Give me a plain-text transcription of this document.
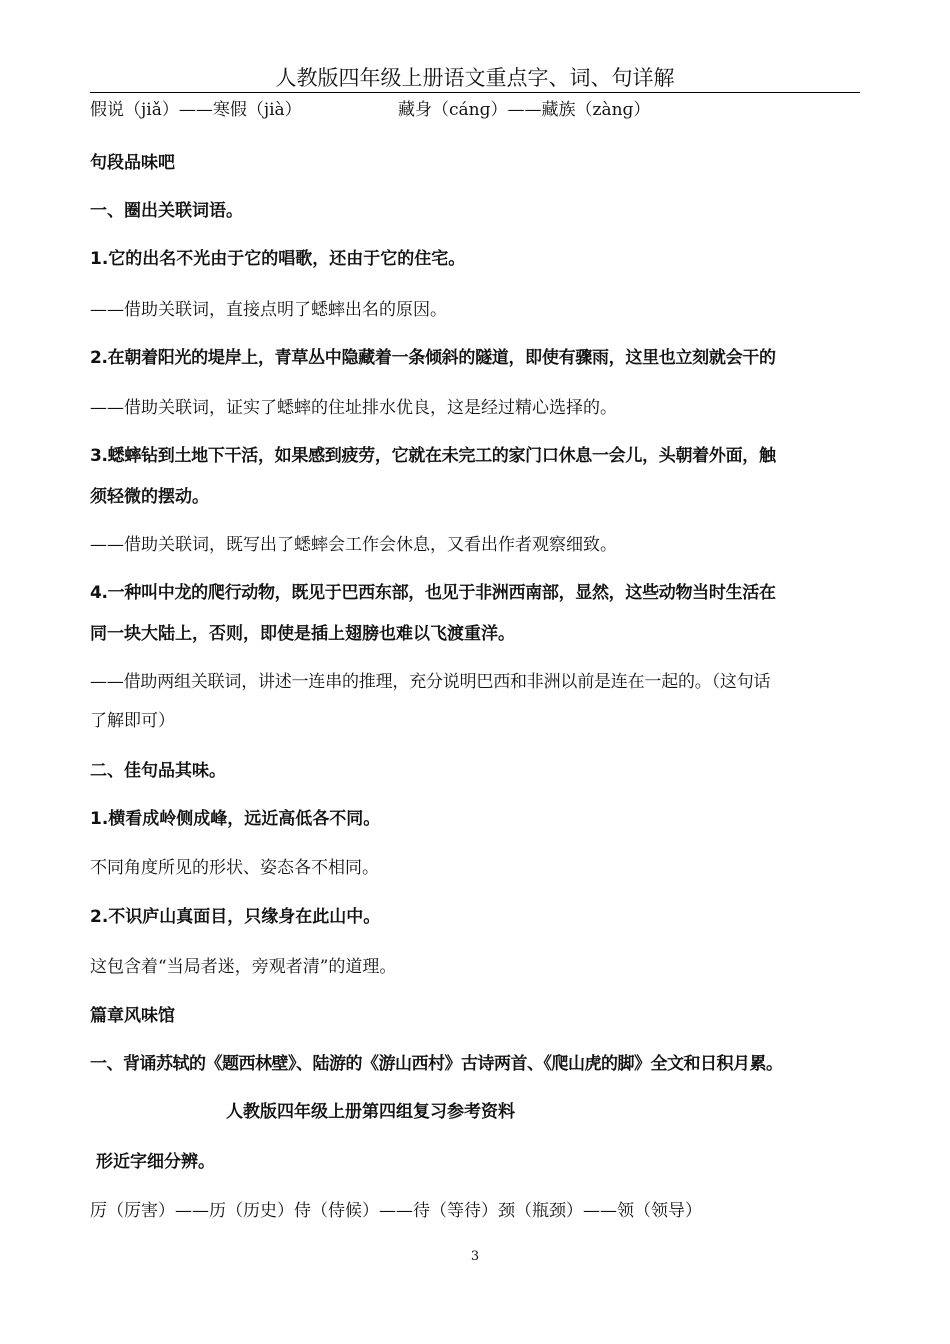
人教版四年级上册语文重点字、词、句详解
假说（jiǎ）——寒假（jià）	藏身（cánɡ）——藏族（zànɡ）
句段品味吧
一、圈出关联词语。
1.它的出名不光由于它的唱歌，还由于它的住宅。
——借助关联词，直接点明了蟋蟀出名的原因。
2.在朝着阳光的堤岸上，青草丛中隐藏着一条倾斜的隧道，即使有骤雨，这里也立刻就会干的
——借助关联词，证实了蟋蟀的住址排水优良，这是经过精心选择的。
3.蟋蟀钻到土地下干活，如果感到疲劳，它就在未完工的家门口休息一会儿，头朝着外面，触
须轻微的摆动。
——借助关联词，既写出了蟋蟀会工作会休息，又看出作者观察细致。
4.一种叫中龙的爬行动物，既见于巴西东部，也见于非洲西南部，显然，这些动物当时生活在
同一块大陆上，否则，即使是插上翅膀也难以飞渡重洋。
——借助两组关联词，讲述一连串的推理，充分说明巴西和非洲以前是连在一起的。（这句话
了解即可）
二、佳句品其味。
1.横看成岭侧成峰，远近高低各不同。
不同角度所见的形状、姿态各不相同。
2.不识庐山真面目，只缘身在此山中。
这包含着“当局者迷，旁观者清”的道理。
篇章风味馆
一、背诵苏轼的《题西林壁》、陆游的《游山西村》古诗两首、《爬山虎的脚》全文和日积月累。
人教版四年级上册第四组复习参考资料
形近字细分辨。
厉（厉害）——历（历史）侍（侍候）——待（等待）颈（瓶颈）——领（领导）
3
